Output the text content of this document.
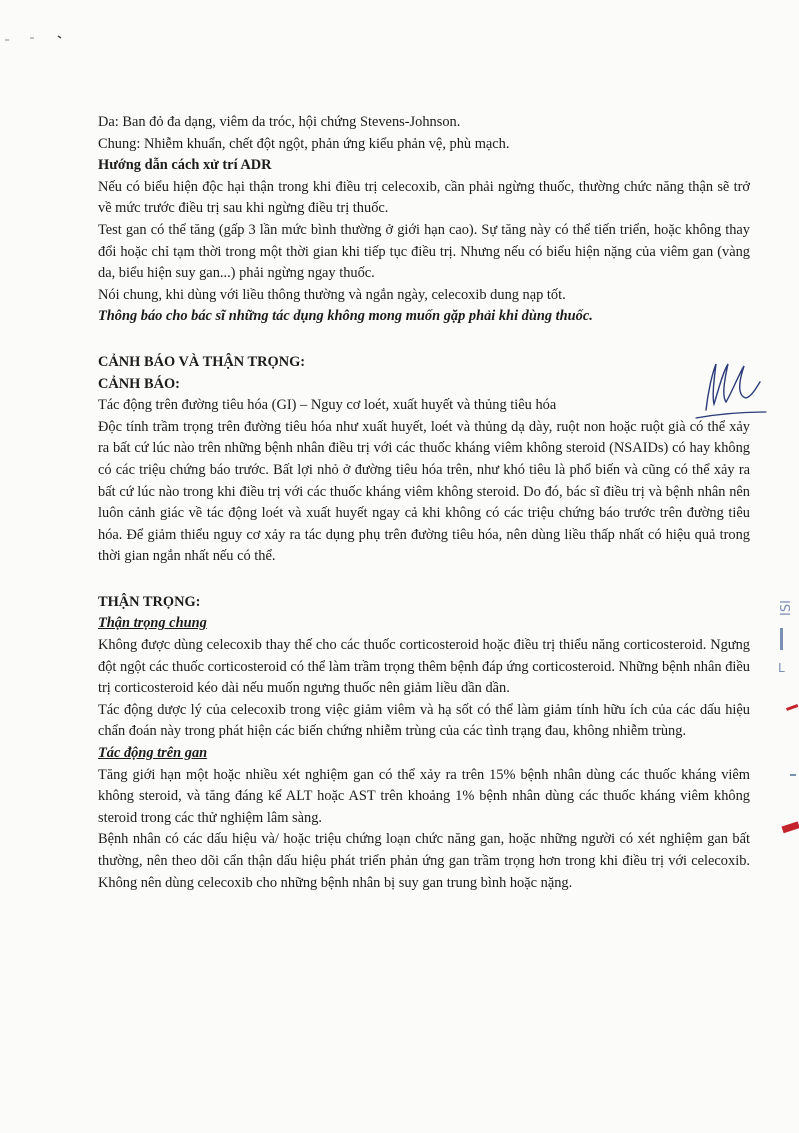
Da: Ban đỏ đa dạng, viêm da tróc, hội chứng Stevens-Johnson.

Chung: Nhiễm khuẩn, chết đột ngột, phản ứng kiểu phản vệ, phù mạch.

Hướng dẫn cách xử trí ADR

Nếu có biểu hiện độc hại thận trong khi điều trị celecoxib, cần phải ngừng thuốc, thường chức năng thận sẽ trở về mức trước điều trị sau khi ngừng điều trị thuốc.

Test gan có thể tăng (gấp 3 lần mức bình thường ở giới hạn cao). Sự tăng này có thể tiến triển, hoặc không thay đổi hoặc chỉ tạm thời trong một thời gian khi tiếp tục điều trị. Nhưng nếu có biểu hiện nặng của viêm gan (vàng da, biểu hiện suy gan...) phải ngừng ngay thuốc.

Nói chung, khi dùng với liều thông thường và ngắn ngày, celecoxib dung nạp tốt.

Thông báo cho bác sĩ những tác dụng không mong muốn gặp phải khi dùng thuốc.

CẢNH BÁO VÀ THẬN TRỌNG:

CẢNH BÁO:

Tác động trên đường tiêu hóa (GI) – Nguy cơ loét, xuất huyết và thủng tiêu hóa

Độc tính trầm trọng trên đường tiêu hóa như xuất huyết, loét và thủng dạ dày, ruột non hoặc ruột già có thể xảy ra bất cứ lúc nào trên những bệnh nhân điều trị với các thuốc kháng viêm không steroid (NSAIDs) có hay không có các triệu chứng báo trước. Bất lợi nhỏ ở đường tiêu hóa trên, như khó tiêu là phổ biến và cũng có thể xảy ra bất cứ lúc nào trong khi điều trị với các thuốc kháng viêm không steroid. Do đó, bác sĩ điều trị và bệnh nhân nên luôn cảnh giác về tác động loét và xuất huyết ngay cả khi không có các triệu chứng báo trước trên đường tiêu hóa. Để giảm thiểu nguy cơ xảy ra tác dụng phụ trên đường tiêu hóa, nên dùng liều thấp nhất có hiệu quả trong thời gian ngắn nhất nếu có thể.

THẬN TRỌNG:

Thận trọng chung

Không được dùng celecoxib thay thế cho các thuốc corticosteroid hoặc điều trị thiểu năng corticosteroid. Ngưng đột ngột các thuốc corticosteroid có thể làm trầm trọng thêm bệnh đáp ứng corticosteroid. Những bệnh nhân điều trị corticosteroid kéo dài nếu muốn ngưng thuốc nên giảm liều dần dần.

Tác động dược lý của celecoxib trong việc giảm viêm và hạ sốt có thể làm giảm tính hữu ích của các dấu hiệu chẩn đoán này trong phát hiện các biến chứng nhiễm trùng của các tình trạng đau, không nhiễm trùng.

Tác động trên gan

Tăng giới hạn một hoặc nhiều xét nghiệm gan có thể xảy ra trên 15% bệnh nhân dùng các thuốc kháng viêm không steroid, và tăng đáng kể ALT hoặc AST trên khoảng 1% bệnh nhân dùng các thuốc kháng viêm không steroid trong các thử nghiệm lâm sàng.

Bệnh nhân có các dấu hiệu và/ hoặc triệu chứng loạn chức năng gan, hoặc những người có xét nghiệm gan bất thường, nên theo dõi cẩn thận dấu hiệu phát triển phản ứng gan trầm trọng hơn trong khi điều trị với celecoxib. Không nên dùng celecoxib cho những bệnh nhân bị suy gan trung bình hoặc nặng.

ISI
L
